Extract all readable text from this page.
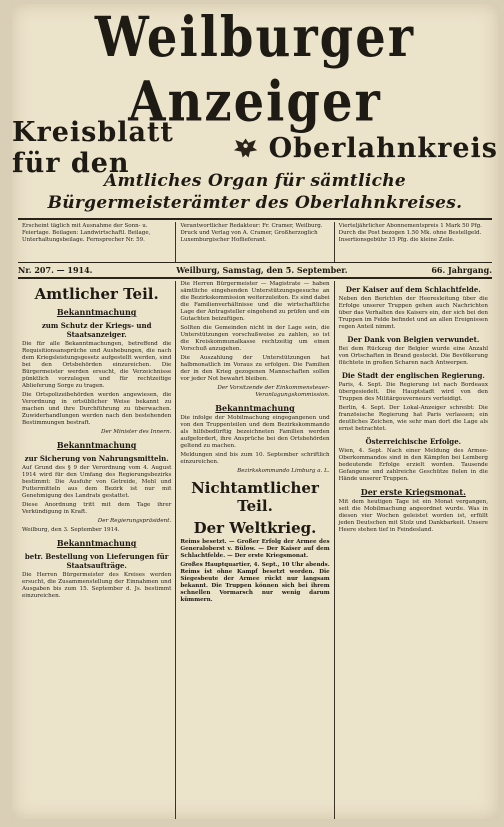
Weilburger Anzeiger
Kreisblatt für den	Oberlahnkreis
Amtliches Organ für sämtliche Bürgermeisterämter des Oberlahnkreises.
Erscheint täglich mit Ausnahme der Sonn- u. Feiertage. Beilagen: Landwirtschaftl. Beilage, Unterhaltungsbeilage. Fernsprecher Nr. 59.
Verantwortlicher Redakteur: Fr. Cramer, Weilburg. Druck und Verlag von A. Cramer, Großherzoglich Luxemburgischer Hoflieferant.
Vierteljährlicher Abonnementspreis 1 Mark 50 Pfg. Durch die Post bezogen 1.50 Mk. ohne Bestellgeld. Insertionsgebühr 15 Pfg. die kleine Zeile.
Nr. 207. — 1914.	Weilburg, Samstag, den 5. September.	66. Jahrgang.
Amtlicher Teil.
Bekanntmachung
zum Schutz der Kriegs- und Staatsanzeiger.

Die für alle Bekanntmachungen, betreffend die Requisitionsansprüche und Aushebungen, die nach dem Kriegsleistungsgesetz aufgestellt werden, sind bei den Ortsbehörden einzureichen. Die Bürgermeister werden ersucht, die Verzeichnisse pünktlich vorzulegen und für rechtzeitige Ablieferung Sorge zu tragen.

Die Ortspolizeibehörden werden angewiesen, die Verordnung in ortsüblicher Weise bekannt zu machen und ihre Durchführung zu überwachen. Zuwiderhandlungen werden nach den bestehenden Bestimmungen bestraft.

Der Minister des Innern.

Bekanntmachung
zur Sicherung von Nahrungsmitteln.

Auf Grund des § 9 der Verordnung vom 4. August 1914 wird für den Umfang des Regierungsbezirks bestimmt: Die Ausfuhr von Getreide, Mehl und Futtermitteln aus dem Bezirk ist nur mit Genehmigung des Landrats gestattet.

Diese Anordnung tritt mit dem Tage ihrer Verkündigung in Kraft.

Der Regierungspräsident.

Weilburg, den 3. September 1914.

Bekanntmachung
betr. Bestellung von Lieferungen für Staatsaufträge.

Die Herren Bürgermeister des Kreises werden ersucht, die Zusammenstellung der Einnahmen und Ausgaben bis zum 15. September d. Js. bestimmt einzureichen.

Die Herren Bürgermeister — Magistrate — haben sämtliche eingehenden Unterstützungsgesuche an die Bezirkskommission weiterzuleiten. Es sind dabei die Familienverhältnisse und die wirtschaftliche Lage der Antragsteller eingehend zu prüfen und ein Gutachten beizufügen.

Sollten die Gemeinden nicht in der Lage sein, die Unterstützungen vorschußweise zu zahlen, so ist die Kreiskommunalkasse rechtzeitig um einen Vorschuß anzugehen.

Die Auszahlung der Unterstützungen hat halbmonatlich im Voraus zu erfolgen. Die Familien der in den Krieg gezogenen Mannschaften sollen vor jeder Not bewahrt bleiben.

Der Vorsitzende der Einkommensteuer-Veranlagungskommission.

Bekanntmachung

Die infolge der Mobilmachung eingegangenen und von den Truppenteilen und dem Bezirkskommando als hilfsbedürftig bezeichneten Familien werden aufgefordert, ihre Ansprüche bei den Ortsbehörden geltend zu machen.

Meldungen sind bis zum 10. September schriftlich einzureichen.

Bezirkskommando Limburg a. L.

Nichtamtlicher Teil.
Der Weltkrieg.

Reims besetzt. — Großer Erfolg der Armee des Generaloberst v. Bülow. — Der Kaiser auf dem Schlachtfelde. — Der erste Kriegsmonat.

Großes Hauptquartier, 4. Sept., 10 Uhr abends. Reims ist ohne Kampf besetzt worden. Die Siegesbeute der Armee rückt nur langsam bekannt. Die Truppen können sich bei ihrem schnellen Vormarsch nur wenig darum kümmern.

Der Kaiser auf dem Schlachtfelde.

Neben den Berichten der Heeresleitung über die Erfolge unserer Truppen gehen auch Nachrichten über das Verhalten des Kaisers ein, der sich bei den Truppen im Felde befindet und an allen Ereignissen regen Anteil nimmt.

Der Dank von Belgien verwundet.

Bei dem Rückzug der Belgier wurde eine Anzahl von Ortschaften in Brand gesteckt. Die Bevölkerung flüchtete in großen Scharen nach Antwerpen.

Die Stadt der englischen Regierung.

Paris, 4. Sept. Die Regierung ist nach Bordeaux übergesiedelt. Die Hauptstadt wird von den Truppen des Militärgouverneurs verteidigt.

Berlin, 4. Sept. Der Lokal-Anzeiger schreibt: Die französische Regierung hat Paris verlassen; ein deutliches Zeichen, wie sehr man dort die Lage als ernst betrachtet.

Österreichische Erfolge.

Wien, 4. Sept. Nach einer Meldung des Armee-Oberkommandos sind in den Kämpfen bei Lemberg bedeutende Erfolge erzielt worden. Tausende Gefangene und zahlreiche Geschütze fielen in die Hände unserer Truppen.

Der erste Kriegsmonat.

Mit dem heutigen Tage ist ein Monat vergangen, seit die Mobilmachung angeordnet wurde. Was in diesen vier Wochen geleistet worden ist, erfüllt jeden Deutschen mit Stolz und Dankbarkeit. Unsere Heere stehen tief in Feindesland.
